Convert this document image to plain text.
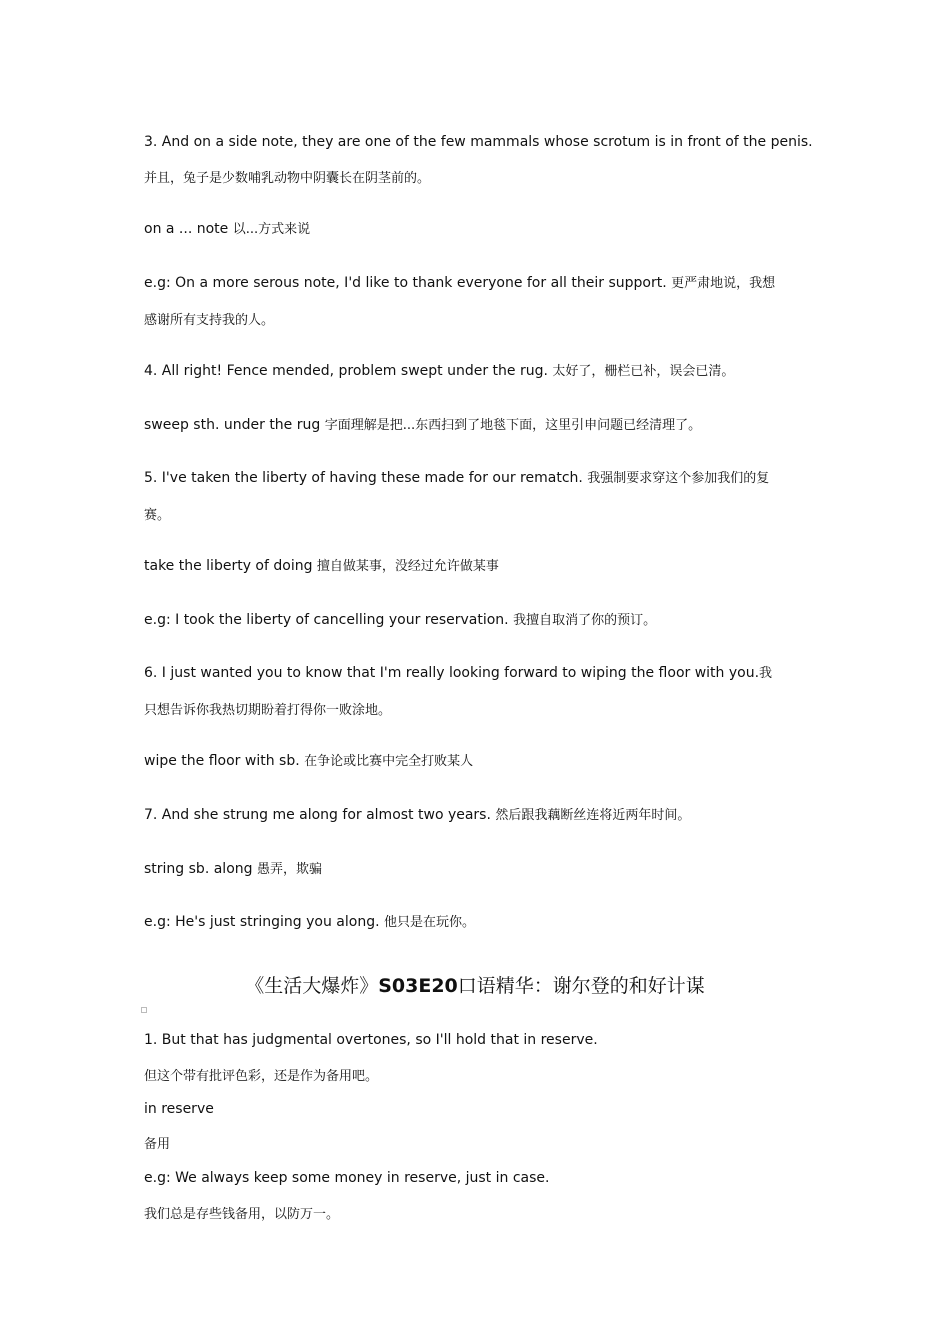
3. And on a side note, they are one of the few mammals whose scrotum is in front of the penis.
并且，兔子是少数哺乳动物中阴囊长在阴茎前的。
on a ... note 以...方式来说
e.g: On a more serous note, I'd like to thank everyone for all their support. 更严肃地说，我想
感谢所有支持我的人。
4. All right! Fence mended, problem swept under the rug. 太好了，栅栏已补，误会已清。
sweep sth. under the rug 字面理解是把...东西扫到了地毯下面，这里引申问题已经清理了。
5. I've taken the liberty of having these made for our rematch. 我强制要求穿这个参加我们的复
赛。
take the liberty of doing 擅自做某事，没经过允许做某事
e.g: I took the liberty of cancelling your reservation. 我擅自取消了你的预订。
6. I just wanted you to know that I'm really looking forward to wiping the floor with you.我
只想告诉你我热切期盼着打得你一败涂地。
wipe the floor with sb. 在争论或比赛中完全打败某人
7. And she strung me along for almost two years. 然后跟我藕断丝连将近两年时间。
string sb. along 愚弄，欺骗
e.g: He's just stringing you along. 他只是在玩你。
《生活大爆炸》S03E20口语精华：谢尔登的和好计谋
1. But that has judgmental overtones, so I'll hold that in reserve.
但这个带有批评色彩，还是作为备用吧。
in reserve
备用
e.g: We always keep some money in reserve, just in case.
我们总是存些钱备用，以防万一。
